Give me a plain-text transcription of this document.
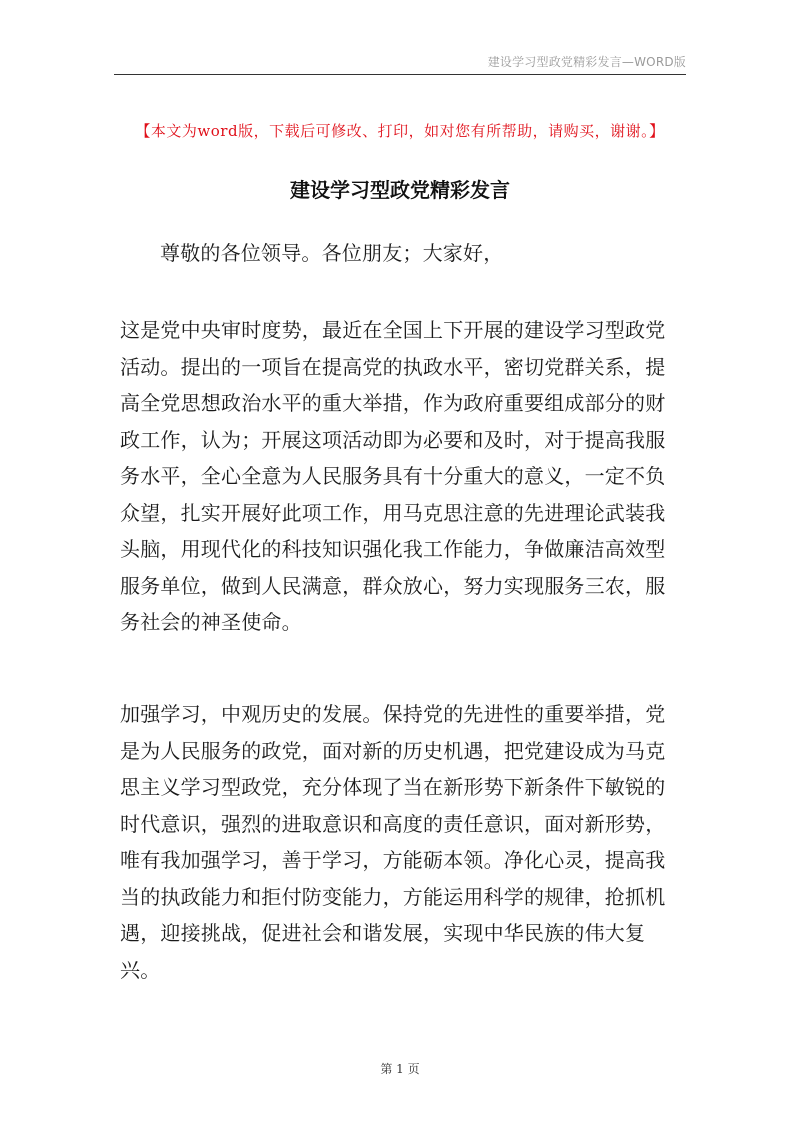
建设学习型政党精彩发言—WORD版
【本文为word版，下载后可修改、打印，如对您有所帮助，请购买，谢谢。】
建设学习型政党精彩发言
尊敬的各位领导。各位朋友；大家好，
这是党中央审时度势，最近在全国上下开展的建设学习型政党活动。提出的一项旨在提高党的执政水平，密切党群关系，提高全党思想政治水平的重大举措，作为政府重要组成部分的财政工作，认为；开展这项活动即为必要和及时，对于提高我服务水平，全心全意为人民服务具有十分重大的意义，一定不负众望，扎实开展好此项工作，用马克思注意的先进理论武装我头脑，用现代化的科技知识强化我工作能力，争做廉洁高效型服务单位，做到人民满意，群众放心，努力实现服务三农，服务社会的神圣使命。
加强学习，中观历史的发展。保持党的先进性的重要举措，党是为人民服务的政党，面对新的历史机遇，把党建设成为马克思主义学习型政党，充分体现了当在新形势下新条件下敏锐的时代意识，强烈的进取意识和高度的责任意识，面对新形势，唯有我加强学习，善于学习，方能砺本领。净化心灵，提高我当的执政能力和拒付防变能力，方能运用科学的规律，抢抓机遇，迎接挑战，促进社会和谐发展，实现中华民族的伟大复兴。
第 1 页
